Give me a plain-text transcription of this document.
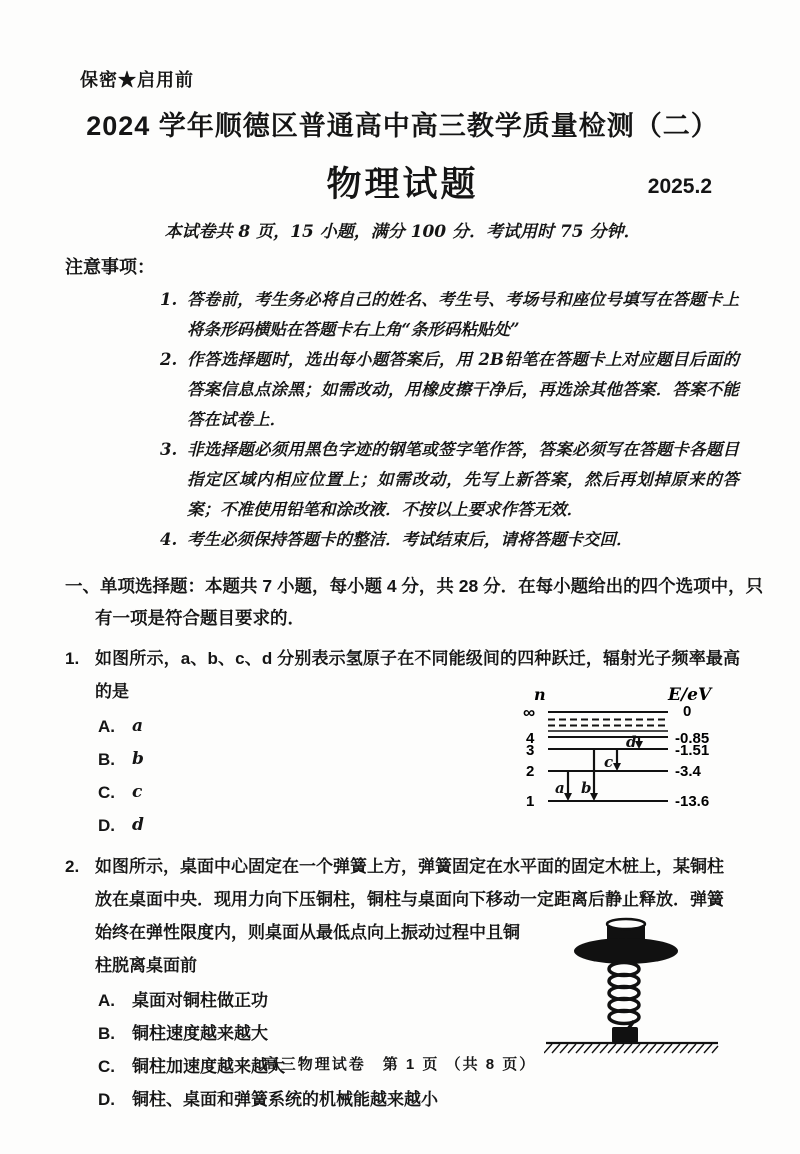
保密★启用前
2024 学年顺德区普通高中高三教学质量检测（二）
物理试题	2025.2
本试卷共 8 页，15 小题，满分 100 分．考试用时 75 分钟．
注意事项：
1. 答卷前，考生务必将自己的姓名、考生号、考场号和座位号填写在答题卡上　将条形码横贴在答题卡右上角“条形码粘贴处”
2. 作答选择题时，选出每小题答案后，用 2B铅笔在答题卡上对应题目后面的答案信息点涂黑；如需改动，用橡皮擦干净后，再选涂其他答案．答案不能答在试卷上．
3. 非选择题必须用黑色字迹的钢笔或签字笔作答，答案必须写在答题卡各题目指定区域内相应位置上；如需改动，先写上新答案，然后再划掉原来的答案；不准使用铅笔和涂改液．不按以上要求作答无效．
4. 考生必须保持答题卡的整洁．考试结束后，请将答题卡交回．
一、单项选择题：本题共 7 小题，每小题 4 分，共 28 分．在每小题给出的四个选项中，只有一项是符合题目要求的．
1. 如图所示，a、b、c、d 分别表示氢原子在不同能级间的四种跃迁，辐射光子频率最高的是
A.	a
B.	b
C.	c
D.	d
n	E/eV
∞
4
3
2
1
0
-0.85
-1.51
-3.4
-13.6
a b
c
d
2. 如图所示，桌面中心固定在一个弹簧上方，弹簧固定在水平面的固定木桩上，某铜柱
放在桌面中央．现用力向下压铜柱，铜柱与桌面向下移动一定距离后静止释放．弹簧
始终在弹性限度内，则桌面从最低点向上振动过程中且铜
柱脱离桌面前
A.	桌面对铜柱做正功
B.	铜柱速度越来越大
C.	铜柱加速度越来越大
D.	铜柱、桌面和弹簧系统的机械能越来越小
高三物理试卷　第 1 页 （共 8 页）
